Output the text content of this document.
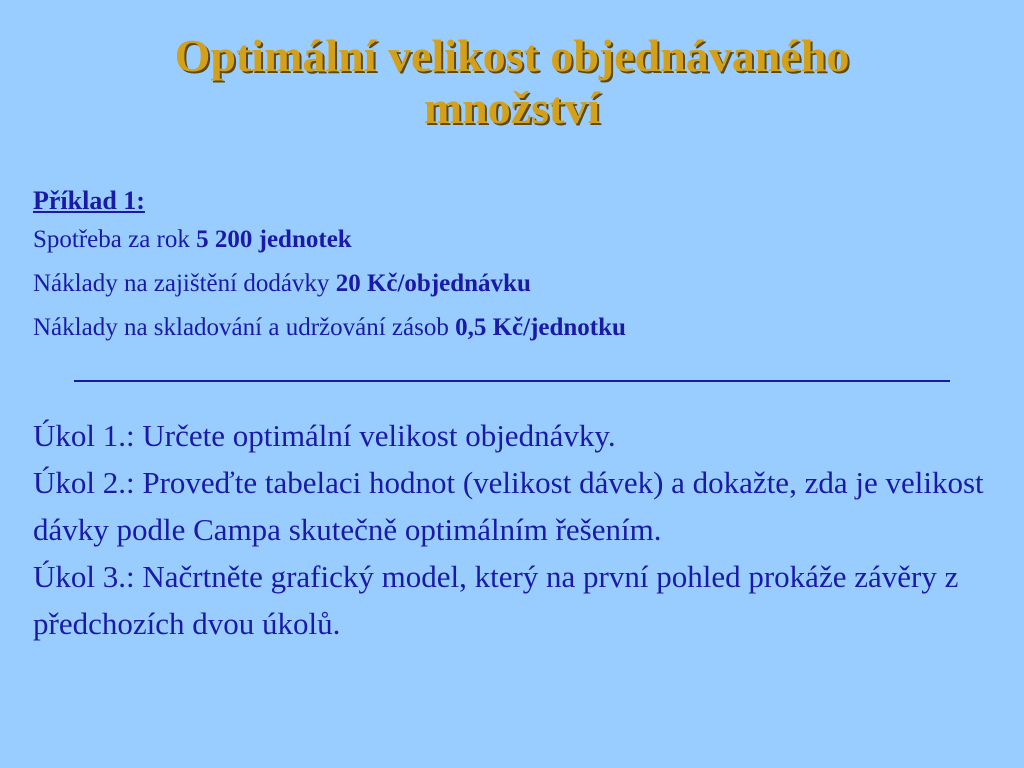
Optimální velikost objednávaného
množství
Příklad 1:
Spotřeba za rok 5 200 jednotek
Náklady na zajištění dodávky 20 Kč/objednávku
Náklady na skladování a udržování zásob 0,5 Kč/jednotku

Úkol 1.: Určete optimální velikost objednávky.

Úkol 2.: Proveďte tabelaci hodnot (velikost dávek) a dokažte, zda je velikost dávky podle Campa skutečně optimálním řešením.

Úkol 3.: Načrtněte grafický model, který na první pohled prokáže závěry z předchozích dvou úkolů.
